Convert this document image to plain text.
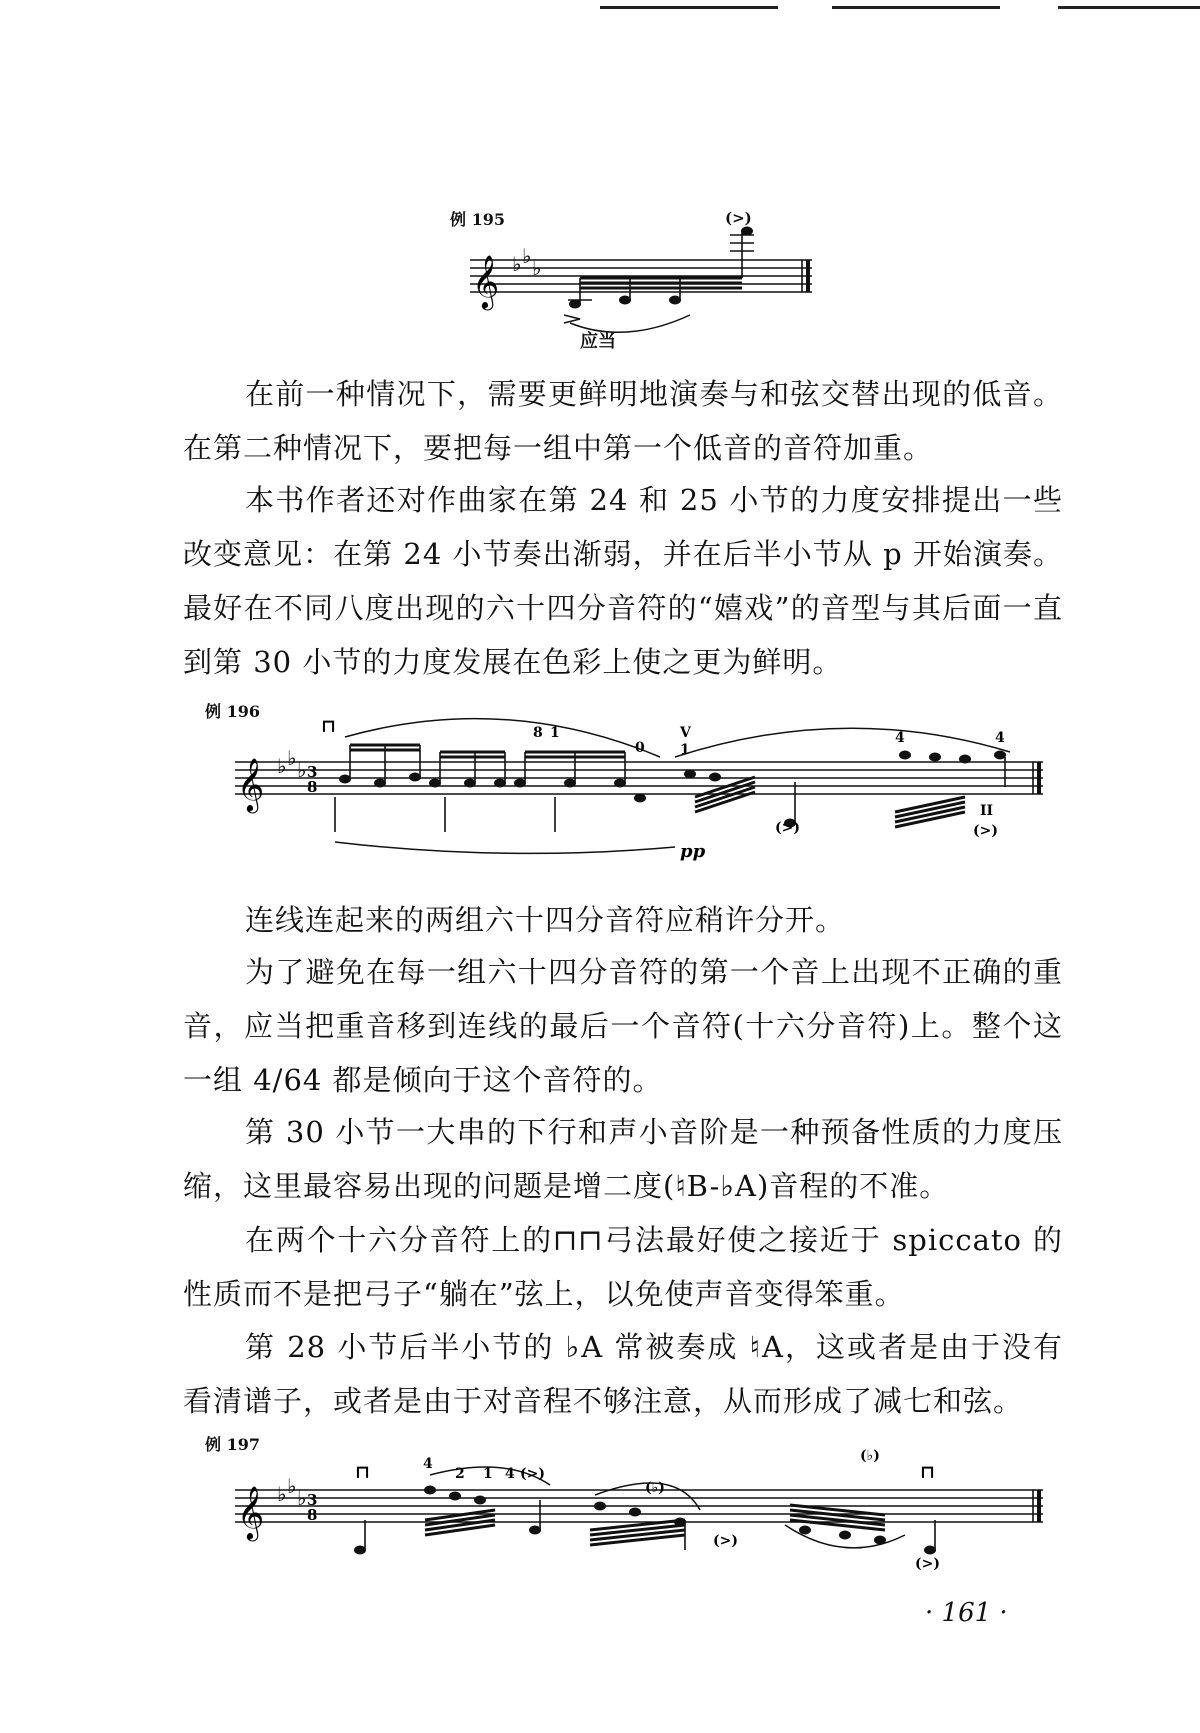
例 195	(>)
𝄞 ♭ ♭ ♭
应当

在前一种情况下，需要更鲜明地演奏与和弦交替出现的低音。在第二种情况下，要把每一组中第一个低音的音符加重。

本书作者还对作曲家在第 24 和 25 小节的力度安排提出一些改变意见：在第 24 小节奏出渐弱，并在后半小节从 p 开始演奏。最好在不同八度出现的六十四分音符的“嬉戏”的音型与其后面一直到第 30 小节的力度发展在色彩上使之更为鲜明。

例 196
𝄞 ♭ ♭ ♭ 3
8
8 1
0
V
1
4	4
II
(>)	(>)
pp
⊓

连线连起来的两组六十四分音符应稍许分开。

为了避免在每一组六十四分音符的第一个音上出现不正确的重音，应当把重音移到连线的最后一个音符(十六分音符)上。整个这一组 4/64 都是倾向于这个音符的。

第 30 小节一大串的下行和声小音阶是一种预备性质的力度压缩，这里最容易出现的问题是增二度(♮B-♭A)音程的不准。

在两个十六分音符上的⊓⊓弓法最好使之接近于 spiccato 的性质而不是把弓子“躺在”弦上，以免使声音变得笨重。

第 28 小节后半小节的 ♭A 常被奏成 ♮A，这或者是由于没有看清谱子，或者是由于对音程不够注意，从而形成了减七和弦。

例 197
𝄞 ♭ ♭ ♭ 3
8
4
2 1 4 (>)
(♭)
(♭)
(>)
(>)
⊓	⊓
· 161 ·
